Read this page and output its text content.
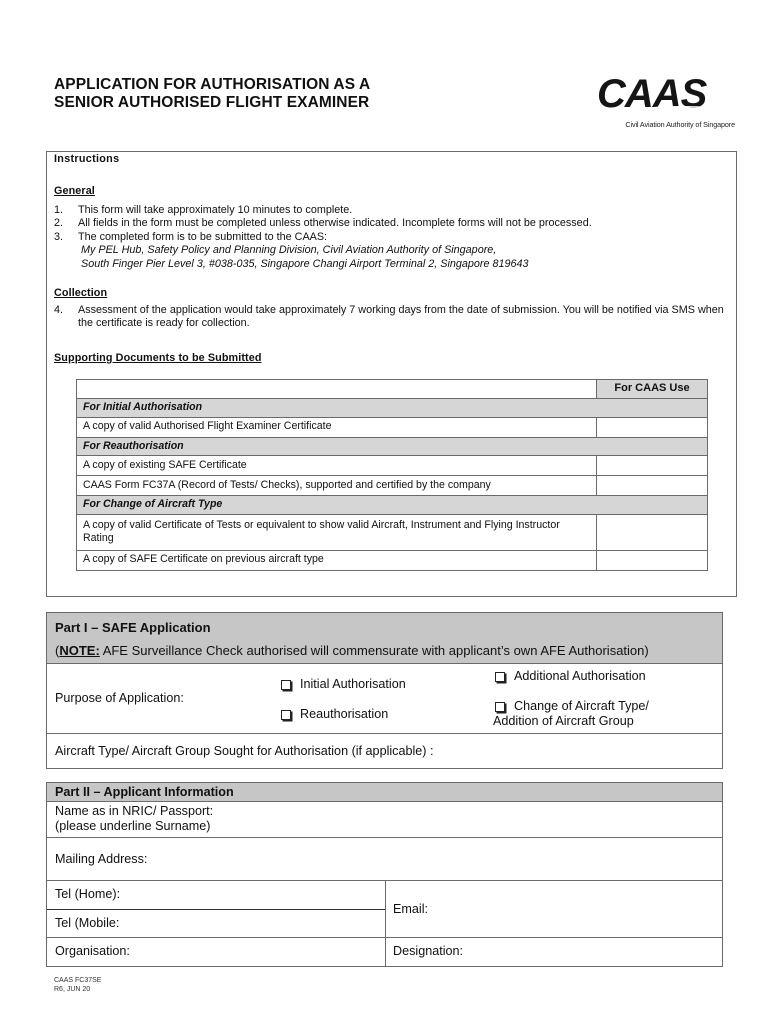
APPLICATION FOR AUTHORISATION AS A
SENIOR AUTHORISED FLIGHT EXAMINER	CAAS
Civil Aviation Authority of Singapore
Instructions
General
1.	This form will take approximately 10 minutes to complete.
2.	All fields in the form must be completed unless otherwise indicated. Incomplete forms will not be processed.
3.	The completed form is to be submitted to the CAAS:
My PEL Hub, Safety Policy and Planning Division, Civil Aviation Authority of Singapore,
South Finger Pier Level 3, #038-035, Singapore Changi Airport Terminal 2, Singapore 819643
Collection
4.	Assessment of the application would take approximately 7 working days from the date of submission. You will be notified via SMS when the certificate is ready for collection.
Supporting Documents to be Submitted
	For CAAS Use
For Initial Authorisation	
A copy of valid Authorised Flight Examiner Certificate	
For Reauthorisation	
A copy of existing SAFE Certificate	
CAAS Form FC37A (Record of Tests/ Checks), supported and certified by the company	
For Change of Aircraft Type	
A copy of valid Certificate of Tests or equivalent to show valid Aircraft, Instrument and Flying Instructor Rating	
A copy of SAFE Certificate on previous aircraft type	
Part I – SAFE Application
(NOTE: AFE Surveillance Check authorised will commensurate with applicant’s own AFE Authorisation)
Purpose of Application:
Initial Authorisation
Reauthorisation
Additional Authorisation
Change of Aircraft Type/
Addition of Aircraft Group
Aircraft Type/ Aircraft Group Sought for Authorisation (if applicable) :
Part II – Applicant Information
Name as in NRIC/ Passport:
(please underline Surname)
Mailing Address:
Tel (Home):
Tel (Mobile:
Email:
Organisation:	Designation:
CAAS FC37SE
R6, JUN 20
